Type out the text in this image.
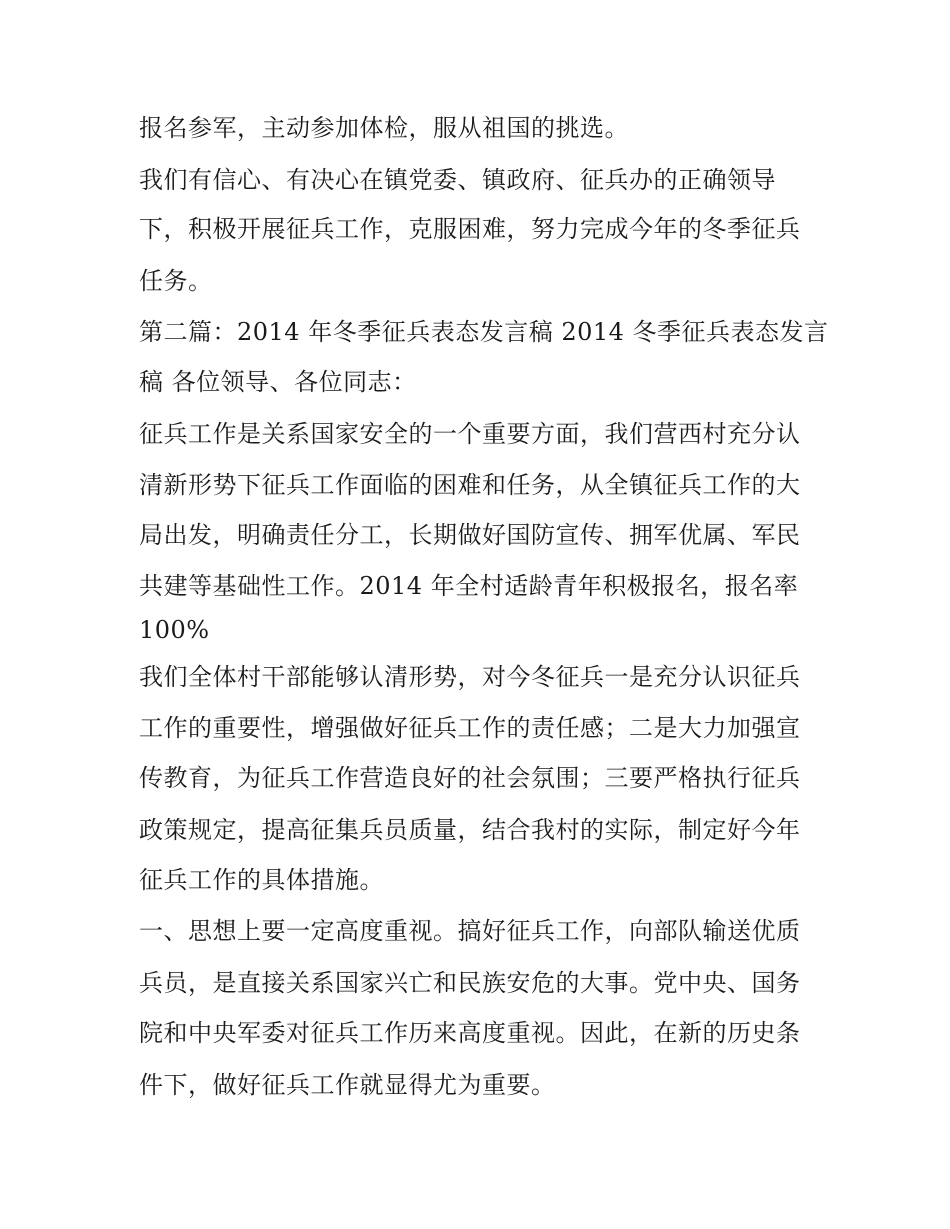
报名参军，主动参加体检，服从祖国的挑选。
我们有信心、有决心在镇党委、镇政府、征兵办的正确领导
下，积极开展征兵工作，克服困难，努力完成今年的冬季征兵
任务。
第二篇：2014 年冬季征兵表态发言稿 2014 冬季征兵表态发言
稿 各位领导、各位同志：
征兵工作是关系国家安全的一个重要方面，我们营西村充分认
清新形势下征兵工作面临的困难和任务，从全镇征兵工作的大
局出发，明确责任分工，长期做好国防宣传、拥军优属、军民
共建等基础性工作。2014 年全村适龄青年积极报名，报名率
100%
我们全体村干部能够认清形势，对今冬征兵一是充分认识征兵
工作的重要性，增强做好征兵工作的责任感；二是大力加强宣
传教育，为征兵工作营造良好的社会氛围；三要严格执行征兵
政策规定，提高征集兵员质量，结合我村的实际，制定好今年
征兵工作的具体措施。
一、思想上要一定高度重视。搞好征兵工作，向部队输送优质
兵员，是直接关系国家兴亡和民族安危的大事。党中央、国务
院和中央军委对征兵工作历来高度重视。因此，在新的历史条
件下，做好征兵工作就显得尤为重要。
